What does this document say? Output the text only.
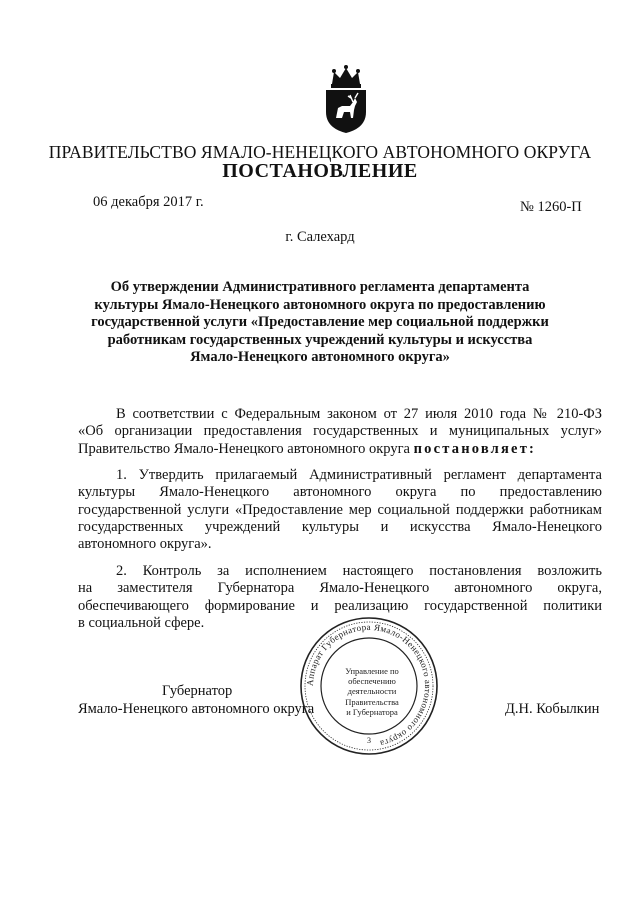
ПРАВИТЕЛЬСТВО ЯМАЛО-НЕНЕЦКОГО АВТОНОМНОГО ОКРУГА
ПОСТАНОВЛЕНИЕ
06 декабря 2017 г.	№ 1260-П
г. Салехард
Об утверждении Административного регламента департамента
культуры Ямало-Ненецкого автономного округа по предоставлению
государственной услуги «Предоставление мер социальной поддержки
работникам государственных учреждений культуры и искусства
Ямало-Ненецкого автономного округа»
В соответствии с Федеральным законом от 27 июля 2010 года № 210-ФЗ
«Об организации предоставления государственных и муниципальных услуг»
Правительство Ямало-Ненецкого автономного округа постановляет:
1. Утвердить прилагаемый Административный регламент департамента
культуры Ямало-Ненецкого автономного округа по предоставлению
государственной услуги «Предоставление мер социальной поддержки работникам
государственных учреждений культуры и искусства Ямало-Ненецкого
автономного округа».
2. Контроль за исполнением настоящего постановления возложить
на заместителя Губернатора Ямало-Ненецкого автономного округа,
обеспечивающего формирование и реализацию государственной политики
в социальной сфере.
Губернатор
Ямало-Ненецкого автономного округа	Д.Н. Кобылкин
Аппарат Губернатора Ямало-Ненецкого автономного округа
3
Управление по
обеспечению
деятельности
Правительства
и Губернатора
